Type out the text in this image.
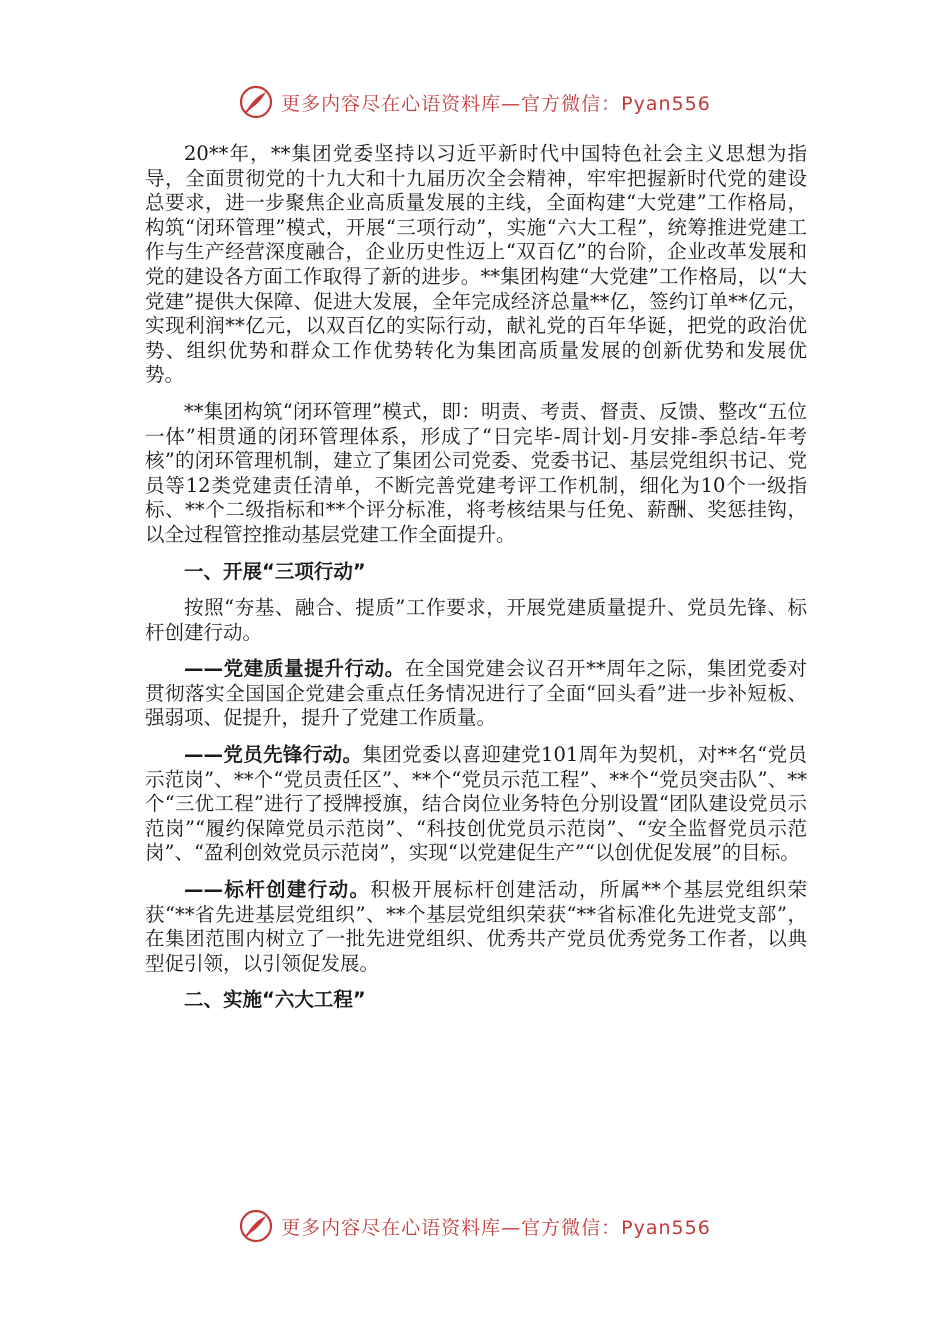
更多内容尽在心语资料库—官方微信：Pyan556

20**年，**集团党委坚持以习近平新时代中国特色社会主义思想为指导，全面贯彻党的十九大和十九届历次全会精神，牢牢把握新时代党的建设总要求，进一步聚焦企业高质量发展的主线，全面构建“大党建”工作格局，构筑“闭环管理”模式，开展“三项行动”，实施“六大工程”，统筹推进党建工作与生产经营深度融合，企业历史性迈上“双百亿”的台阶，企业改革发展和党的建设各方面工作取得了新的进步。**集团构建“大党建”工作格局，以“大党建”提供大保障、促进大发展，全年完成经济总量**亿，签约订单**亿元，实现利润**亿元，以双百亿的实际行动，献礼党的百年华诞，把党的政治优势、组织优势和群众工作优势转化为集团高质量发展的创新优势和发展优势。

**集团构筑“闭环管理”模式，即：明责、考责、督责、反馈、整改“五位一体”相贯通的闭环管理体系，形成了“日完毕-周计划-月安排-季总结-年考核”的闭环管理机制，建立了集团公司党委、党委书记、基层党组织书记、党员等12类党建责任清单，不断完善党建考评工作机制，细化为10个一级指标、**个二级指标和**个评分标准，将考核结果与任免、薪酬、奖惩挂钩，以全过程管控推动基层党建工作全面提升。

一、开展“三项行动”

按照“夯基、融合、提质”工作要求，开展党建质量提升、党员先锋、标杆创建行动。

——党建质量提升行动。在全国党建会议召开**周年之际，集团党委对贯彻落实全国国企党建会重点任务情况进行了全面“回头看”进一步补短板、强弱项、促提升，提升了党建工作质量。

——党员先锋行动。集团党委以喜迎建党101周年为契机，对**名“党员示范岗”、**个“党员责任区”、**个“党员示范工程”、**个“党员突击队”、**个“三优工程”进行了授牌授旗，结合岗位业务特色分别设置“团队建设党员示范岗”“履约保障党员示范岗”、“科技创优党员示范岗”、“安全监督党员示范岗”、“盈利创效党员示范岗”，实现“以党建促生产”“以创优促发展”的目标。

——标杆创建行动。积极开展标杆创建活动，所属**个基层党组织荣获“**省先进基层党组织”、**个基层党组织荣获“**省标准化先进党支部”，在集团范围内树立了一批先进党组织、优秀共产党员优秀党务工作者，以典型促引领，以引领促发展。

二、实施“六大工程”

更多内容尽在心语资料库—官方微信：Pyan556
